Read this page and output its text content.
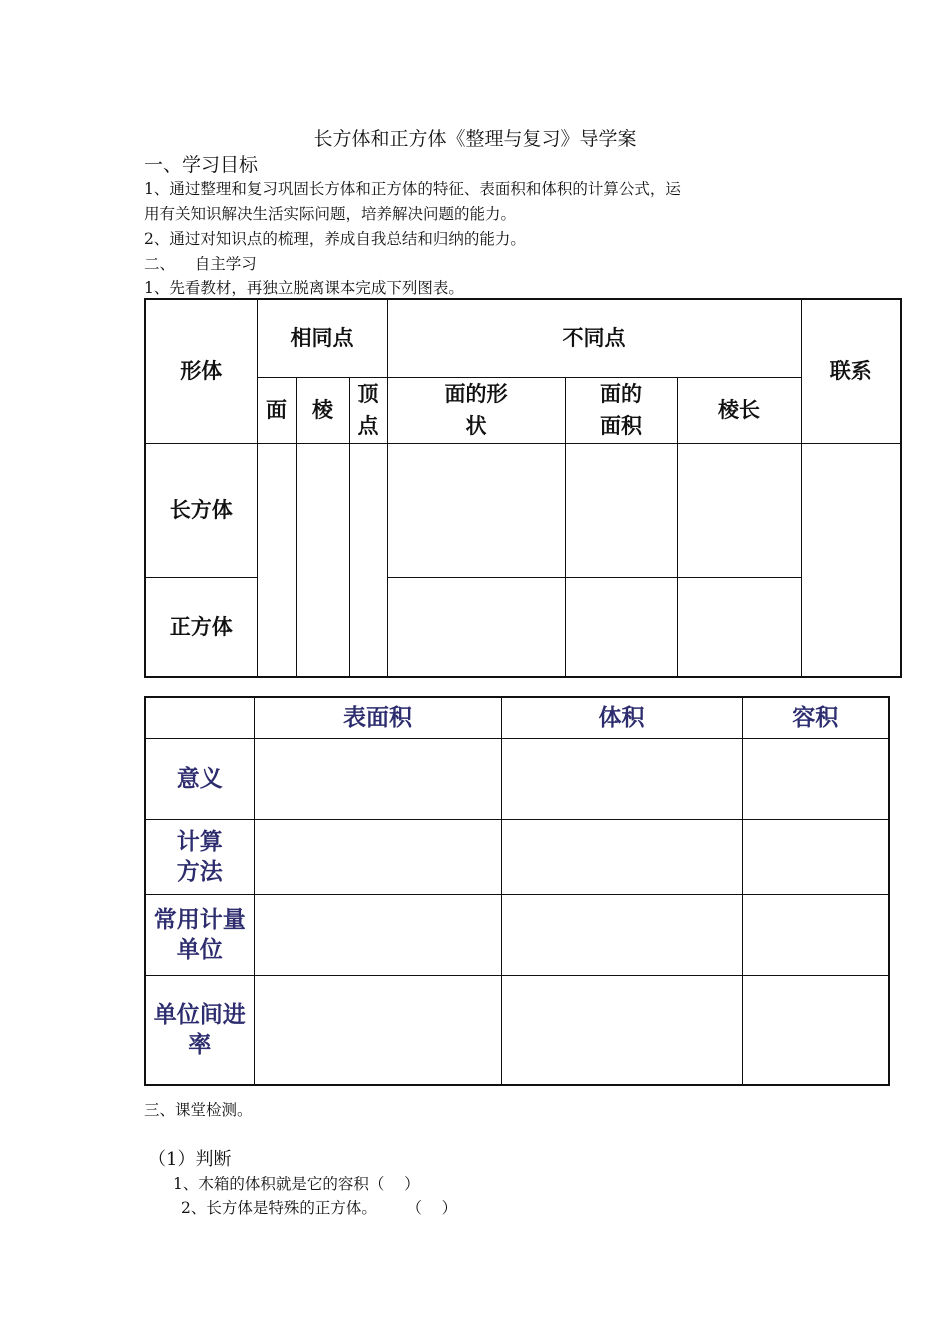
长方体和正方体《整理与复习》导学案
一、学习目标
1、通过整理和复习巩固长方体和正方体的特征、表面积和体积的计算公式，运
用有关知识解决生活实际问题，培养解决问题的能力。
2、通过对知识点的梳理，养成自我总结和归纳的能力。
二、    自主学习
1、先看教材，再独立脱离课本完成下列图表。
形体	相同点			不同点			联系
	面	棱	顶点	面的形状	面的面积	棱长	
长方体							
正方体							
	表面积	体积	容积
意义			
计算方法			
常用计量单位			
单位间进率			
三、课堂检测。
（1）判断
1、木箱的体积就是它的容积（    ）
2、长方体是特殊的正方体。      （    ）
